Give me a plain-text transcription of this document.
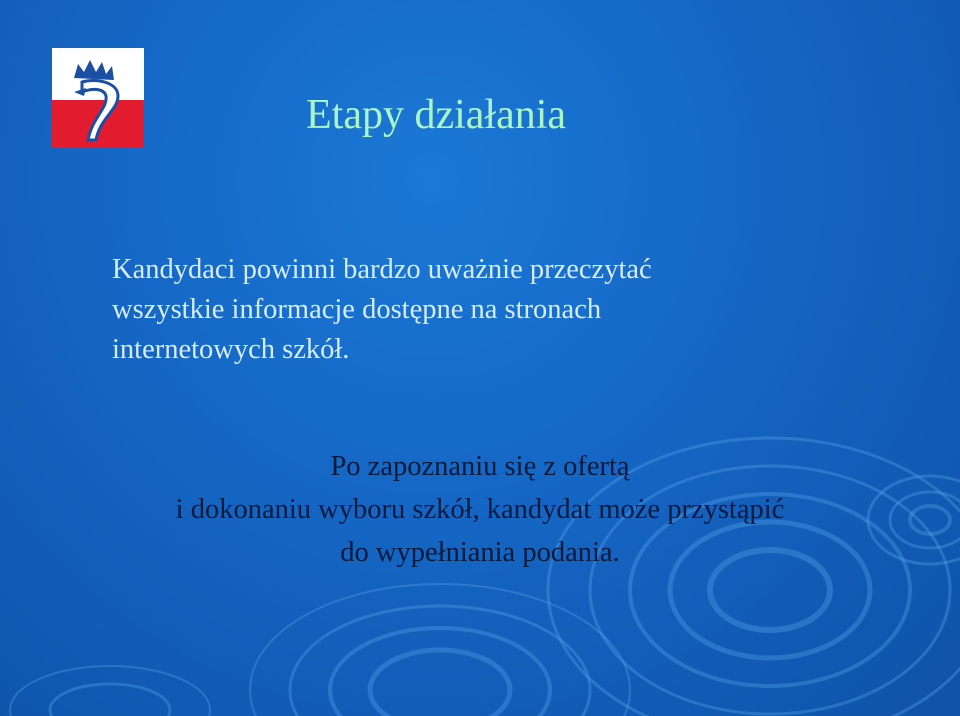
Etapy działania

Kandydaci powinni bardzo uważnie przeczytać
wszystkie informacje dostępne na stronach
internetowych szkół.

Po zapoznaniu się z ofertą
i dokonaniu wyboru szkół, kandydat może przystąpić
do wypełniania podania.
